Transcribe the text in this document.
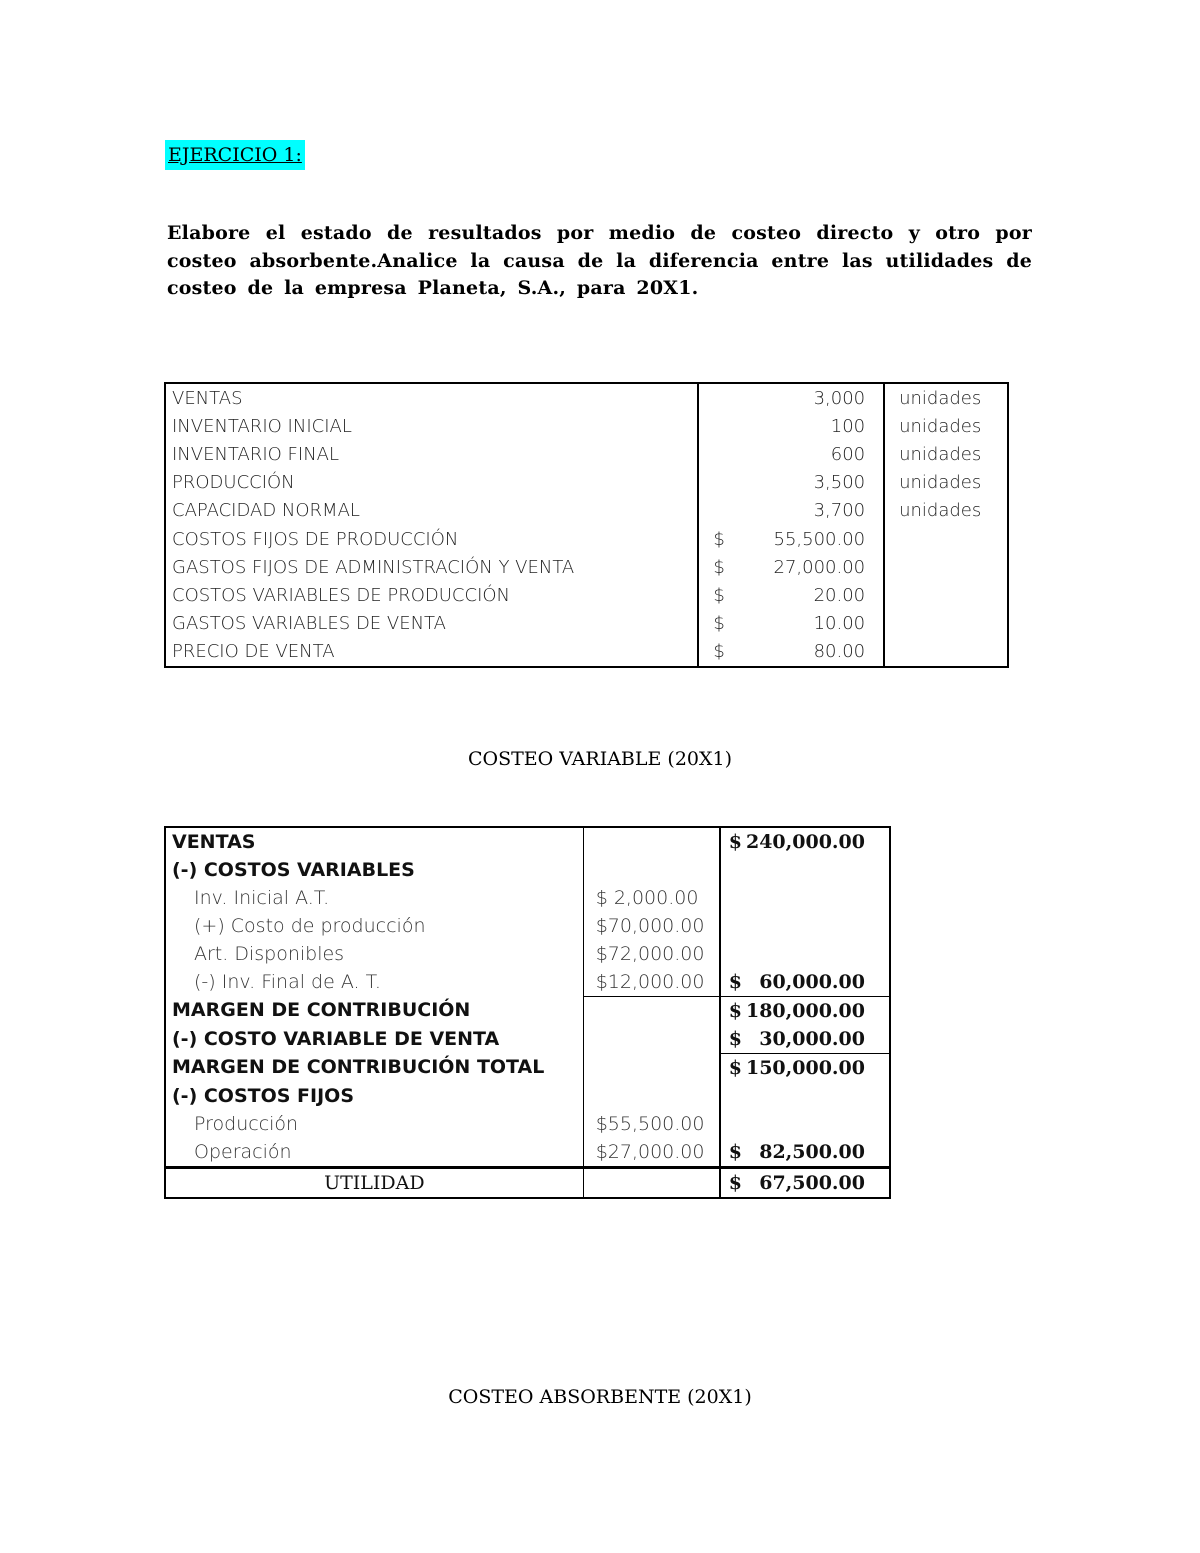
EJERCICIO 1:
Elabore el estado de resultados por medio de costeo directo y otro por costeo absorbente.Analice la causa de la diferencia entre las utilidades de costeo de la empresa Planeta, S.A., para 20X1.
VENTAS	3,000	unidades
INVENTARIO INICIAL	100	unidades
INVENTARIO FINAL	600	unidades
PRODUCCIÓN	3,500	unidades
CAPACIDAD NORMAL	3,700	unidades
COSTOS FIJOS DE PRODUCCIÓN	$ 55,500.00	

GASTOS FIJOS DE ADMINISTRACIÓN Y VENTA	$ 27,000.00	

COSTOS VARIABLES DE PRODUCCIÓN	$ 20.00	

GASTOS VARIABLES DE VENTA	$ 10.00	

PRECIO DE VENTA	$ 80.00	

COSTEO VARIABLE (20X1)
VENTAS		$ 240,000.00

(-) COSTOS VARIABLES		

Inv. Inicial A.T.	$ 2,000.00	

(+) Costo de producción	$70,000.00	

Art. Disponibles	$72,000.00	

(-) Inv. Final de A. T.	$12,000.00	$ 60,000.00

MARGEN DE CONTRIBUCIÓN		$ 180,000.00

(-) COSTO VARIABLE DE VENTA		$ 30,000.00

MARGEN DE CONTRIBUCIÓN TOTAL		$ 150,000.00

(-) COSTOS FIJOS		

Producción	$55,500.00	

Operación	$27,000.00	$ 82,500.00

UTILIDAD		$ 67,500.00
COSTEO ABSORBENTE (20X1)
